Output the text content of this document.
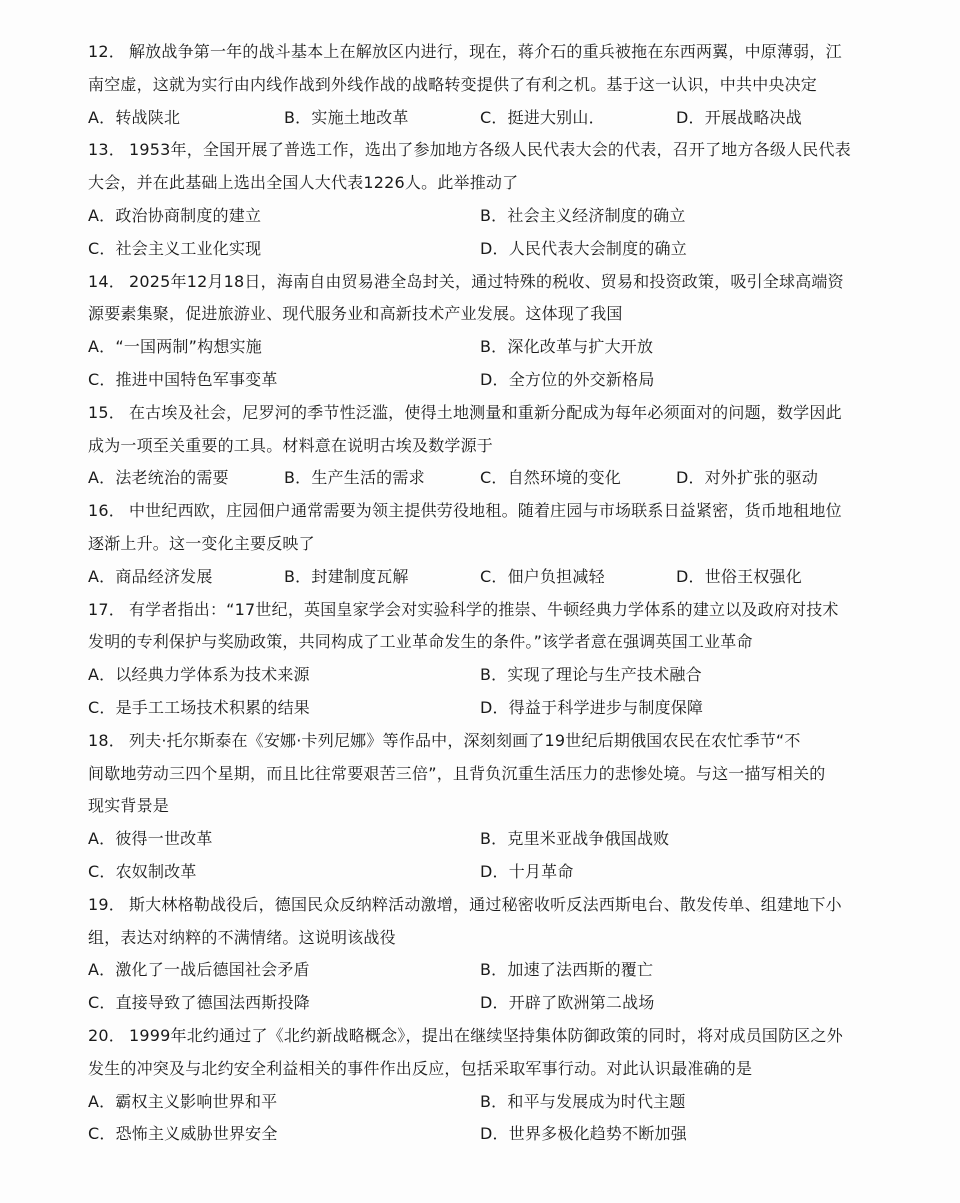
12． 解放战争第一年的战斗基本上在解放区内进行，现在，蒋介石的重兵被拖在东西两翼，中原薄弱，江
南空虚，这就为实行由内线作战到外线作战的战略转变提供了有利之机。基于这一认识，中共中央决定
A．转战陕北	B．实施土地改革	C．挺进大别山．	D．开展战略决战
13． 1953年，全国开展了普选工作，选出了参加地方各级人民代表大会的代表，召开了地方各级人民代表
大会，并在此基础上选出全国人大代表1226人。此举推动了
A．政治协商制度的建立	B．社会主义经济制度的确立
C．社会主义工业化实现	D．人民代表大会制度的确立
14． 2025年12月18日，海南自由贸易港全岛封关，通过特殊的税收、贸易和投资政策，吸引全球高端资
源要素集聚，促进旅游业、现代服务业和高新技术产业发展。这体现了我国
A．“一国两制”构想实施	B．深化改革与扩大开放
C．推进中国特色军事变革	D．全方位的外交新格局
15． 在古埃及社会，尼罗河的季节性泛滥，使得土地测量和重新分配成为每年必须面对的问题，数学因此
成为一项至关重要的工具。材料意在说明古埃及数学源于
A．法老统治的需要	B．生产生活的需求	C．自然环境的变化	D．对外扩张的驱动
16． 中世纪西欧，庄园佃户通常需要为领主提供劳役地租。随着庄园与市场联系日益紧密，货币地租地位
逐渐上升。这一变化主要反映了
A．商品经济发展	B．封建制度瓦解	C．佃户负担减轻	D．世俗王权强化
17． 有学者指出：“17世纪，英国皇家学会对实验科学的推崇、牛顿经典力学体系的建立以及政府对技术
发明的专利保护与奖励政策，共同构成了工业革命发生的条件。”该学者意在强调英国工业革命
A．以经典力学体系为技术来源	B．实现了理论与生产技术融合
C．是手工工场技术积累的结果	D．得益于科学进步与制度保障
18． 列夫·托尔斯泰在《安娜·卡列尼娜》等作品中，深刻刻画了19世纪后期俄国农民在农忙季节“不
间歇地劳动三四个星期，而且比往常要艰苦三倍”，且背负沉重生活压力的悲惨处境。与这一描写相关的
现实背景是
A．彼得一世改革	B．克里米亚战争俄国战败
C．农奴制改革	D．十月革命
19． 斯大林格勒战役后，德国民众反纳粹活动激增，通过秘密收听反法西斯电台、散发传单、组建地下小
组，表达对纳粹的不满情绪。这说明该战役
A．激化了一战后德国社会矛盾	B．加速了法西斯的覆亡
C．直接导致了德国法西斯投降	D．开辟了欧洲第二战场
20． 1999年北约通过了《北约新战略概念》，提出在继续坚持集体防御政策的同时，将对成员国防区之外
发生的冲突及与北约安全利益相关的事件作出反应，包括采取军事行动。对此认识最准确的是
A．霸权主义影响世界和平	B．和平与发展成为时代主题
C．恐怖主义威胁世界安全	D．世界多极化趋势不断加强
